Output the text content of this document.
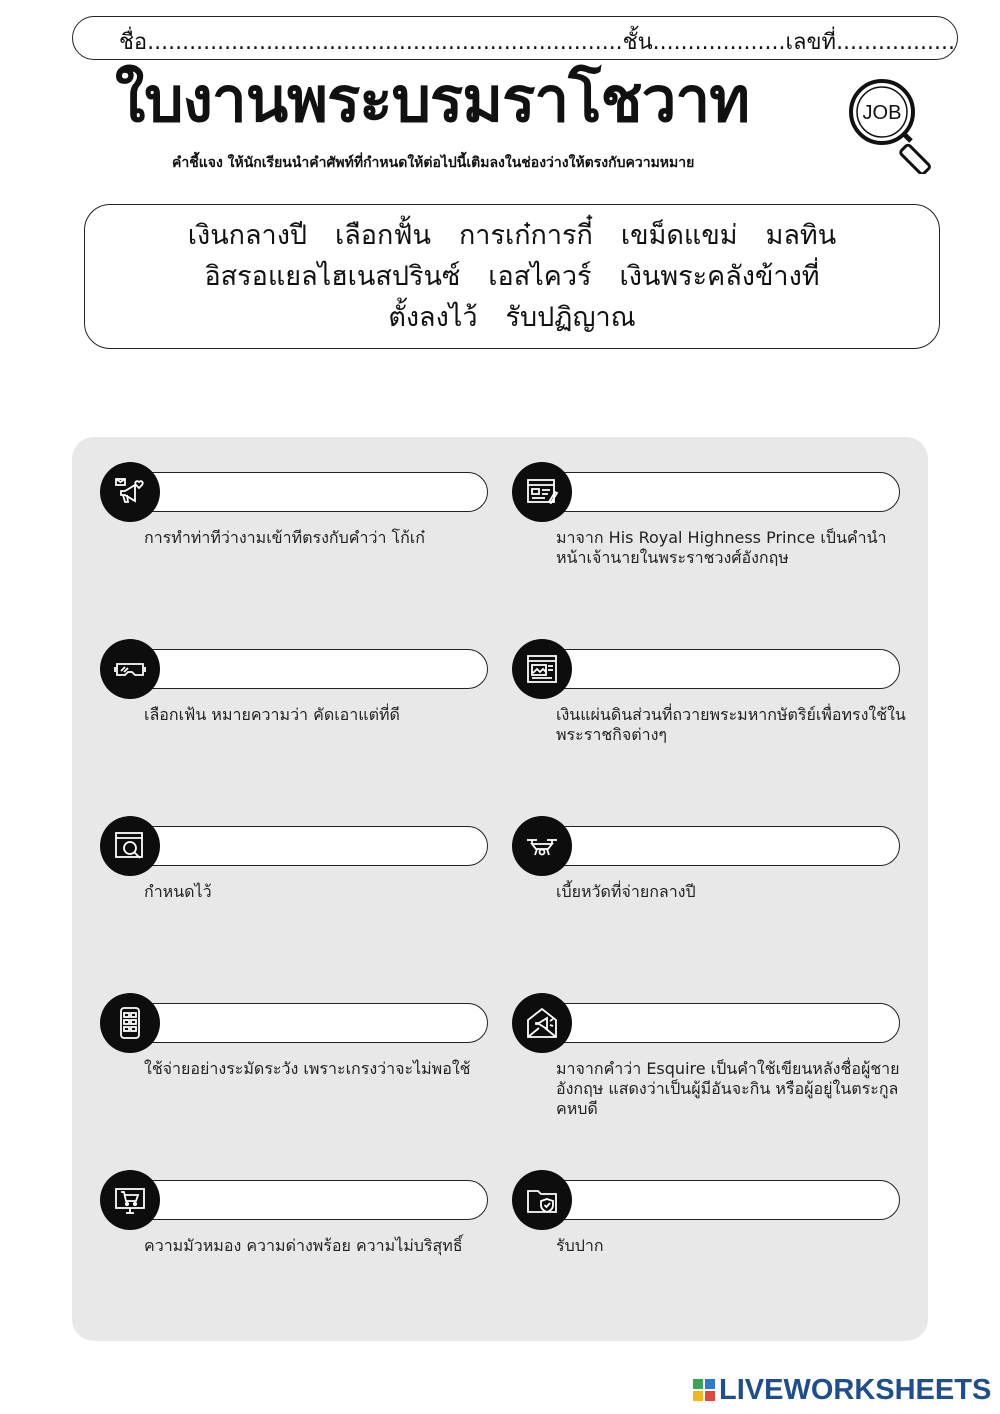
ชื่อ....................................................................ชั้น...................เลขที่.................
ใบงานพระบรมราโชวาท
คำชี้แจง ให้นักเรียนนำคำศัพท์ที่กำหนดให้ต่อไปนี้เติมลงในช่องว่างให้ตรงกับความหมาย
JOB
เงินกลางปี เลือกฟั้น การเก๋การกี๋ เขม็ดแขม่ มลทิน
อิสรอแยลไฮเนสปรินซ์ เอสไควร์ เงินพระคลังข้างที่
ตั้งลงไว้ รับปฏิญาณ
การทำท่าทีว่างามเข้าทีตรงกับคำว่า โก้เก๋	มาจาก His Royal Highness Prince เป็นคำนำหน้าเจ้านายในพระราชวงศ์อังกฤษ
เลือกเฟ้น หมายความว่า คัดเอาแต่ที่ดี	เงินแผ่นดินส่วนที่ถวายพระมหากษัตริย์เพื่อทรงใช้ใน พระราชกิจต่างๆ
กำหนดไว้	เบี้ยหวัดที่จ่ายกลางปี
ใช้จ่ายอย่างระมัดระวัง เพราะเกรงว่าจะไม่พอใช้	มาจากคำว่า Esquire เป็นคำใช้เขียนหลังชื่อผู้ชายอังกฤษ แสดงว่าเป็นผู้มีอันจะกิน หรือผู้อยู่ในตระกูลคหบดี
ความมัวหมอง ความด่างพร้อย ความไม่บริสุทธิ์	รับปาก
LIVEWORKSHEETS
